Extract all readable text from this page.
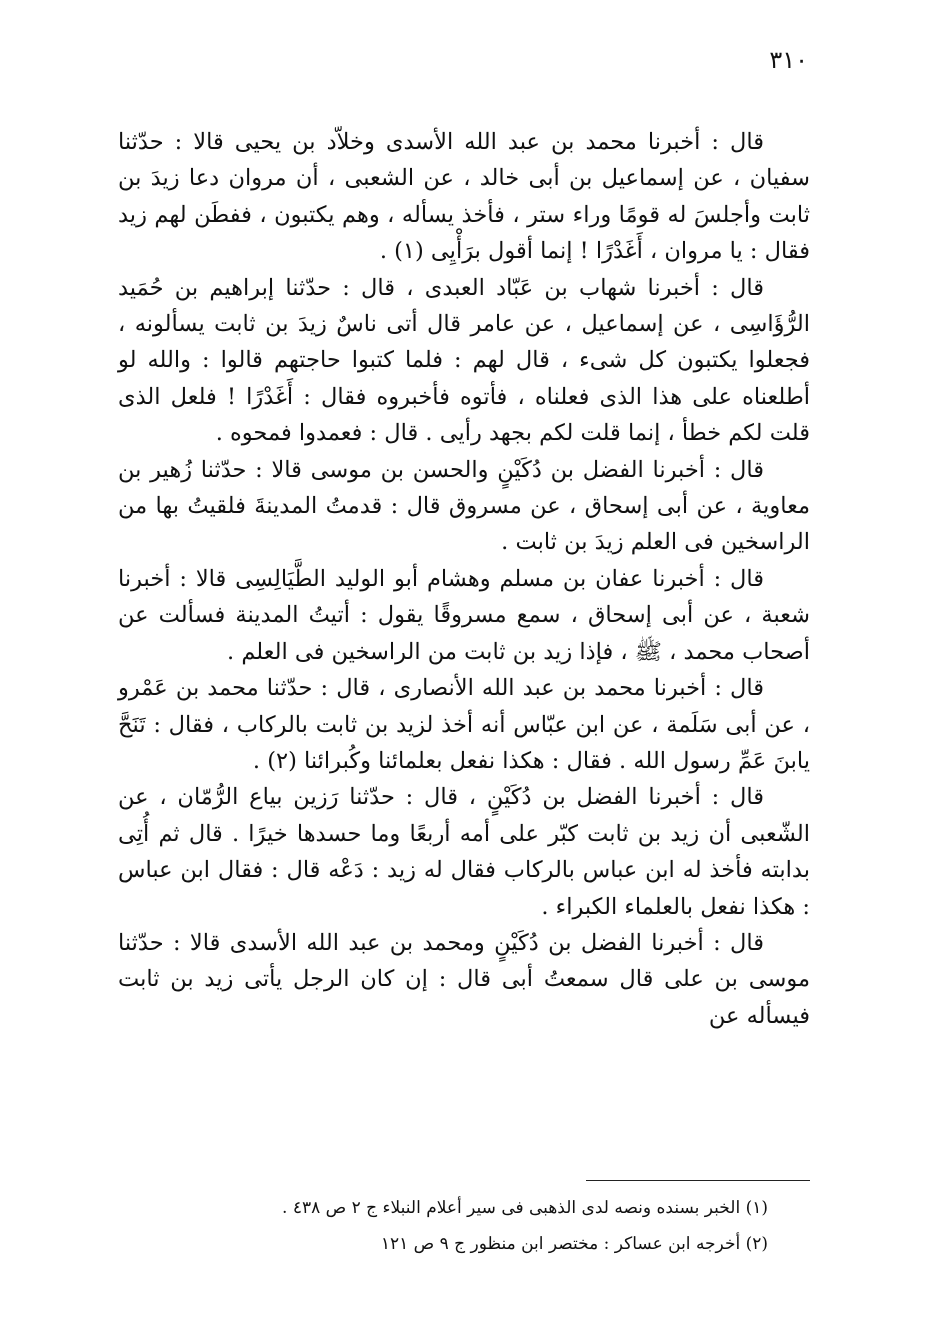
٣١٠

قال : أخبرنا محمد بن عبد الله الأسدى وخلاّد بن يحيى قالا : حدّثنا سفيان ، عن إسماعيل بن أبى خالد ، عن الشعبى ، أن مروان دعا زيدَ بن ثابت وأجلسَ له قومًا وراء ستر ، فأخذ يسأله ، وهم يكتبون ، ففطَن لهم زيد فقال : يا مروان ، أَغَدْرًا ! إنما أقول برَأْيِى (١) .

قال : أخبرنا شهاب بن عَبّاد العبدى ، قال : حدّثنا إبراهيم بن حُمَيد الرُّؤَاسِى ، عن إسماعيل ، عن عامر قال أتى ناسٌ زيدَ بن ثابت يسألونه ، فجعلوا يكتبون كل شىء ، قال لهم : فلما كتبوا حاجتهم قالوا : والله لو أطلعناه على هذا الذى فعلناه ، فأتوه فأخبروه فقال : أَغَدْرًا ! فلعل الذى قلت لكم خطأ ، إنما قلت لكم بجهد رأيى . قال : فعمدوا فمحوه .

قال : أخبرنا الفضل بن دُكَيْنٍ والحسن بن موسى قالا : حدّثنا زُهير بن معاوية ، عن أبى إسحاق ، عن مسروق قال : قدمتُ المدينةَ فلقيتُ بها من الراسخين فى العلم زيدَ بن ثابت .

قال : أخبرنا عفان بن مسلم وهشام أبو الوليد الطَّيَالِسِى قالا : أخبرنا شعبة ، عن أبى إسحاق ، سمع مسروقًا يقول : أتيتُ المدينة فسألت عن أصحاب محمد ، ﷺ ، فإذا زيد بن ثابت من الراسخين فى العلم .

قال : أخبرنا محمد بن عبد الله الأنصارى ، قال : حدّثنا محمد بن عَمْرو ، عن أبى سَلَمة ، عن ابن عبّاس أنه أخذ لزيد بن ثابت بالركاب ، فقال : تَنَحَّ يابنَ عَمِّ رسول الله . فقال : هكذا نفعل بعلمائنا وكُبرائنا (٢) .

قال : أخبرنا الفضل بن دُكَيْنٍ ، قال : حدّثنا رَزين بياع الرُّمّان ، عن الشّعبى أن زيد بن ثابت كبّر على أمه أربعًا وما حسدها خيرًا . قال ثم أُتِى بدابته فأخذ له ابن عباس بالركاب فقال له زيد : دَعْه قال : فقال ابن عباس : هكذا نفعل بالعلماء الكبراء .

قال : أخبرنا الفضل بن دُكَيْنٍ ومحمد بن عبد الله الأسدى قالا : حدّثنا موسى بن على قال سمعتُ أبى قال : إن كان الرجل يأتى زيد بن ثابت فيسأله عن

(١) الخبر بسنده ونصه لدى الذهبى فى سير أعلام النبلاء ج ٢ ص ٤٣٨ .

(٢) أخرجه ابن عساكر : مختصر ابن منظور ج ٩ ص ١٢١
